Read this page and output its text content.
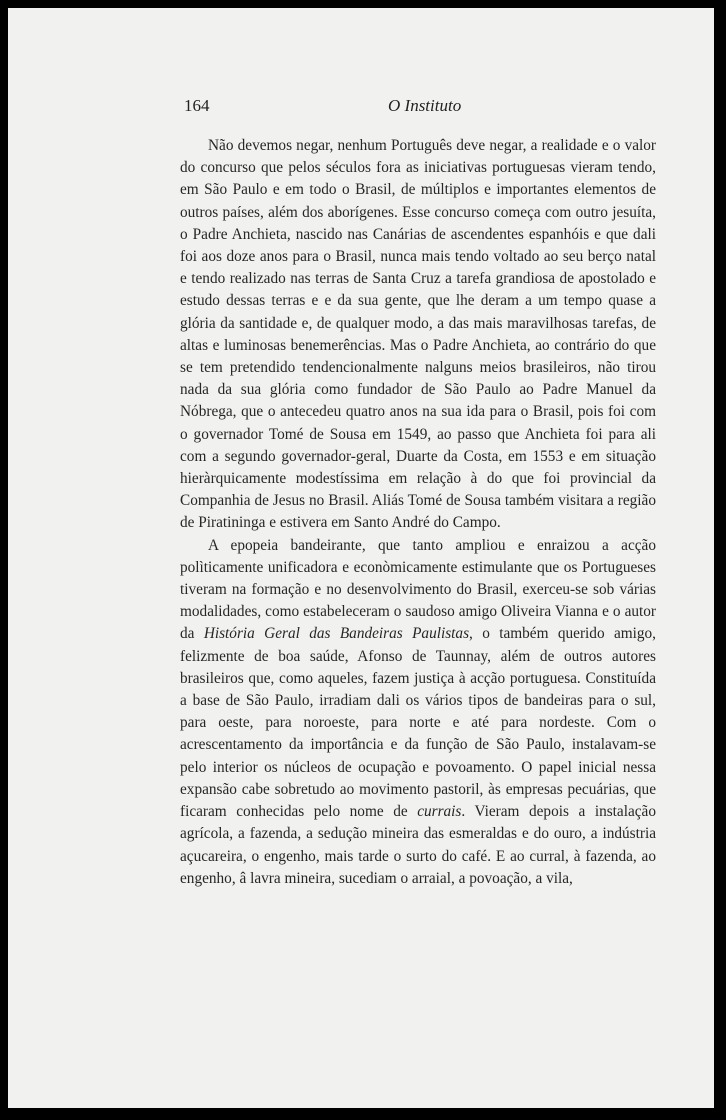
164	O Instituto

Não devemos negar, nenhum Português deve negar, a realidade e o valor do concurso que pelos séculos fora as iniciativas portuguesas vieram tendo, em São Paulo e em todo o Brasil, de múltiplos e importantes elementos de outros países, além dos aborígenes. Esse concurso começa com outro jesuíta, o Padre Anchieta, nascido nas Canárias de ascendentes espanhóis e que dali foi aos doze anos para o Brasil, nunca mais tendo voltado ao seu berço natal e tendo realizado nas terras de Santa Cruz a tarefa grandiosa de apostolado e estudo dessas terras e e da sua gente, que lhe deram a um tempo quase a glória da santidade e, de qualquer modo, a das mais maravilhosas tarefas, de altas e luminosas benemerências. Mas o Padre Anchieta, ao contrário do que se tem pretendido tendencionalmente nalguns meios brasileiros, não tirou nada da sua glória como fundador de São Paulo ao Padre Manuel da Nóbrega, que o antecedeu quatro anos na sua ida para o Brasil, pois foi com o governador Tomé de Sousa em 1549, ao passo que Anchieta foi para ali com a segundo governador-geral, Duarte da Costa, em 1553 e em situação hieràrquicamente modestíssima em relação à do que foi provincial da Companhia de Jesus no Brasil. Aliás Tomé de Sousa também visitara a região de Piratininga e estivera em Santo André do Campo.

A epopeia bandeirante, que tanto ampliou e enraizou a acção polìticamente unificadora e econòmicamente estimulante que os Portugueses tiveram na formação e no desenvolvimento do Brasil, exerceu-se sob várias modalidades, como estabeleceram o saudoso amigo Oliveira Vianna e o autor da História Geral das Bandeiras Paulistas, o também querido amigo, felizmente de boa saúde, Afonso de Taunnay, além de outros autores brasileiros que, como aqueles, fazem justiça à acção portuguesa. Constituída a base de São Paulo, irradiam dali os vários tipos de bandeiras para o sul, para oeste, para noroeste, para norte e até para nordeste. Com o acrescentamento da importância e da função de São Paulo, instalavam-se pelo interior os núcleos de ocupação e povoamento. O papel inicial nessa expansão cabe sobretudo ao movimento pastoril, às empresas pecuárias, que ficaram conhecidas pelo nome de currais. Vieram depois a instalação agrícola, a fazenda, a sedução mineira das esmeraldas e do ouro, a indústria açucareira, o engenho, mais tarde o surto do café. E ao curral, à fazenda, ao engenho, â lavra mineira, sucediam o arraial, a povoação, a vila,
